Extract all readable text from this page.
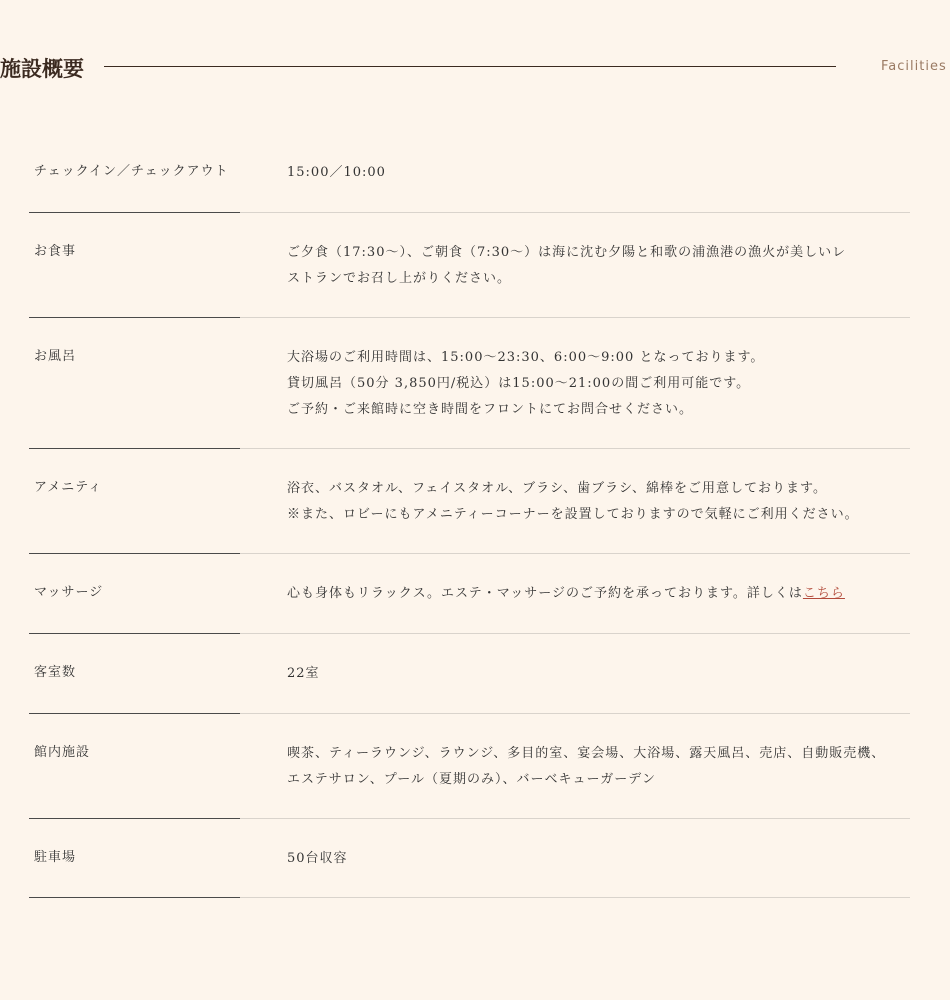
施設概要	Facilities
チェックイン／チェックアウト	15:00／10:00

お食事	ご夕食（17:30～）、ご朝食（7:30～）は海に沈む夕陽と和歌の浦漁港の漁火が美しいレ

ストランでお召し上がりください。

お風呂	大浴場のご利用時間は、15:00～23:30、6:00～9:00 となっております。

貸切風呂（50分 3,850円/税込）は15:00～21:00の間ご利用可能です。

ご予約・ご来館時に空き時間をフロントにてお問合せください。

アメニティ	浴衣、バスタオル、フェイスタオル、ブラシ、歯ブラシ、綿棒をご用意しております。

※また、ロビーにもアメニティーコーナーを設置しておりますので気軽にご利用ください。

マッサージ	心も身体もリラックス。エステ・マッサージのご予約を承っております。詳しくはこちら

客室数	22室

館内施設	喫茶、ティーラウンジ、ラウンジ、多目的室、宴会場、大浴場、露天風呂、売店、自動販売機、

エステサロン、プール（夏期のみ）、バーベキューガーデン

駐車場	50台収容
